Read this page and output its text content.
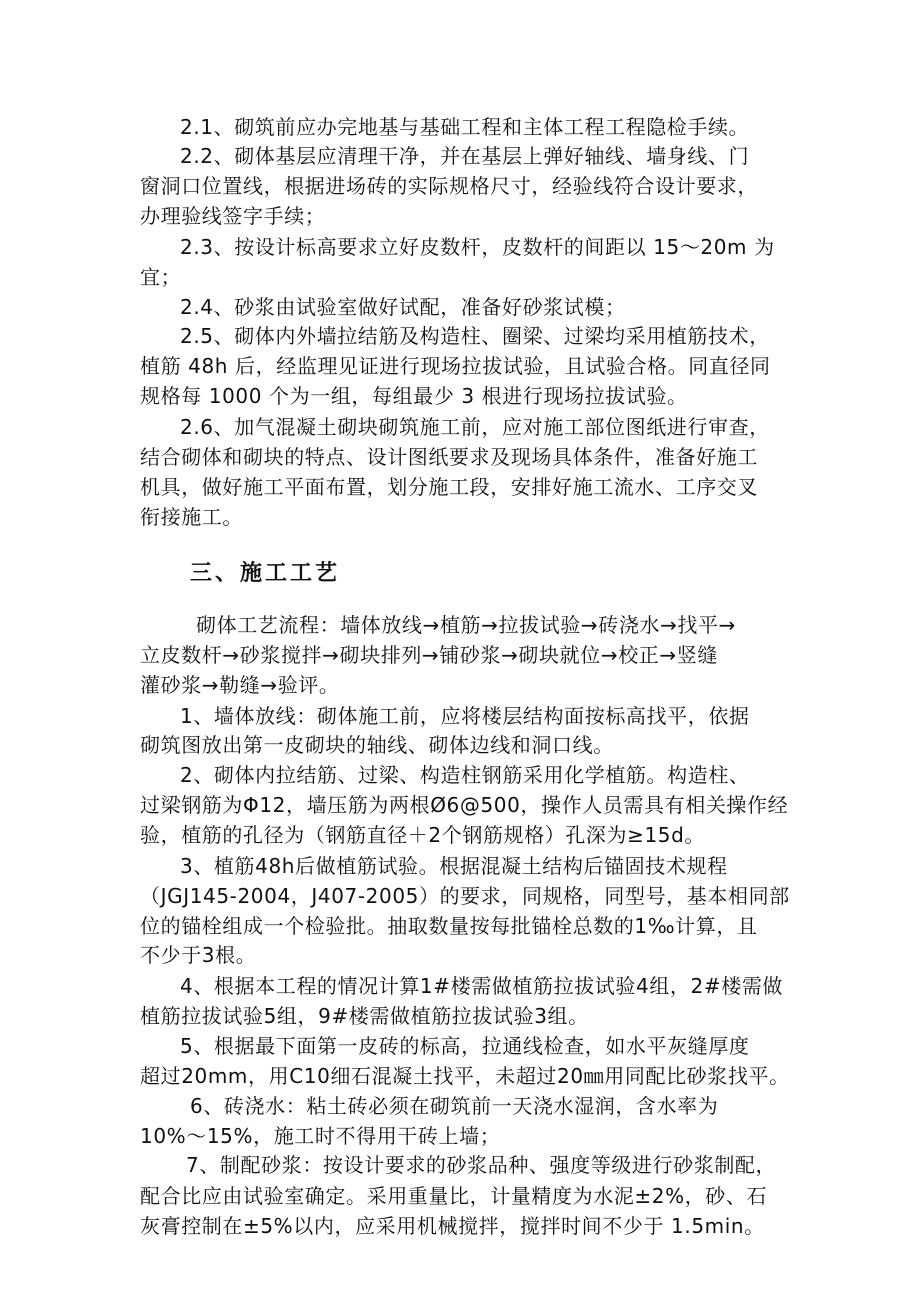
2.1、砌筑前应办完地基与基础工程和主体工程工程隐检手续。
2.2、砌体基层应清理干净，并在基层上弹好轴线、墙身线、门
窗洞口位置线，根据进场砖的实际规格尺寸，经验线符合设计要求，
办理验线签字手续；
2.3、按设计标高要求立好皮数杆，皮数杆的间距以 15～20m 为
宜；
2.4、砂浆由试验室做好试配，准备好砂浆试模；
2.5、砌体内外墙拉结筋及构造柱、圈梁、过梁均采用植筋技术，
植筋 48h 后，经监理见证进行现场拉拔试验，且试验合格。同直径同
规格每 1000 个为一组，每组最少 3 根进行现场拉拔试验。
2.6、加气混凝土砌块砌筑施工前，应对施工部位图纸进行审查，
结合砌体和砌块的特点、设计图纸要求及现场具体条件，准备好施工
机具，做好施工平面布置，划分施工段，安排好施工流水、工序交叉
衔接施工。
三、施工工艺
砌体工艺流程：墙体放线→植筋→拉拔试验→砖浇水→找平→
立皮数杆→砂浆搅拌→砌块排列→铺砂浆→砌块就位→校正→竖缝
灌砂浆→勒缝→验评。
1、墙体放线：砌体施工前，应将楼层结构面按标高找平，依据
砌筑图放出第一皮砌块的轴线、砌体边线和洞口线。
2、砌体内拉结筋、过梁、构造柱钢筋采用化学植筋。构造柱、
过梁钢筋为Φ12，墙压筋为两根Ø6@500，操作人员需具有相关操作经
验，植筋的孔径为（钢筋直径＋2个钢筋规格）孔深为≥15d。
3、植筋48h后做植筋试验。根据混凝土结构后锚固技术规程
（JGJ145-2004，J407-2005）的要求，同规格，同型号，基本相同部
位的锚栓组成一个检验批。抽取数量按每批锚栓总数的1‰计算，且
不少于3根。
4、根据本工程的情况计算1#楼需做植筋拉拔试验4组，2#楼需做
植筋拉拔试验5组，9#楼需做植筋拉拔试验3组。
5、根据最下面第一皮砖的标高，拉通线检查，如水平灰缝厚度
超过20mm，用C10细石混凝土找平，未超过20㎜用同配比砂浆找平。
6、砖浇水：粘土砖必须在砌筑前一天浇水湿润，含水率为
10%～15%，施工时不得用干砖上墙；
7、制配砂浆：按设计要求的砂浆品种、强度等级进行砂浆制配，
配合比应由试验室确定。采用重量比，计量精度为水泥±2%，砂、石
灰膏控制在±5%以内，应采用机械搅拌，搅拌时间不少于 1.5min。
